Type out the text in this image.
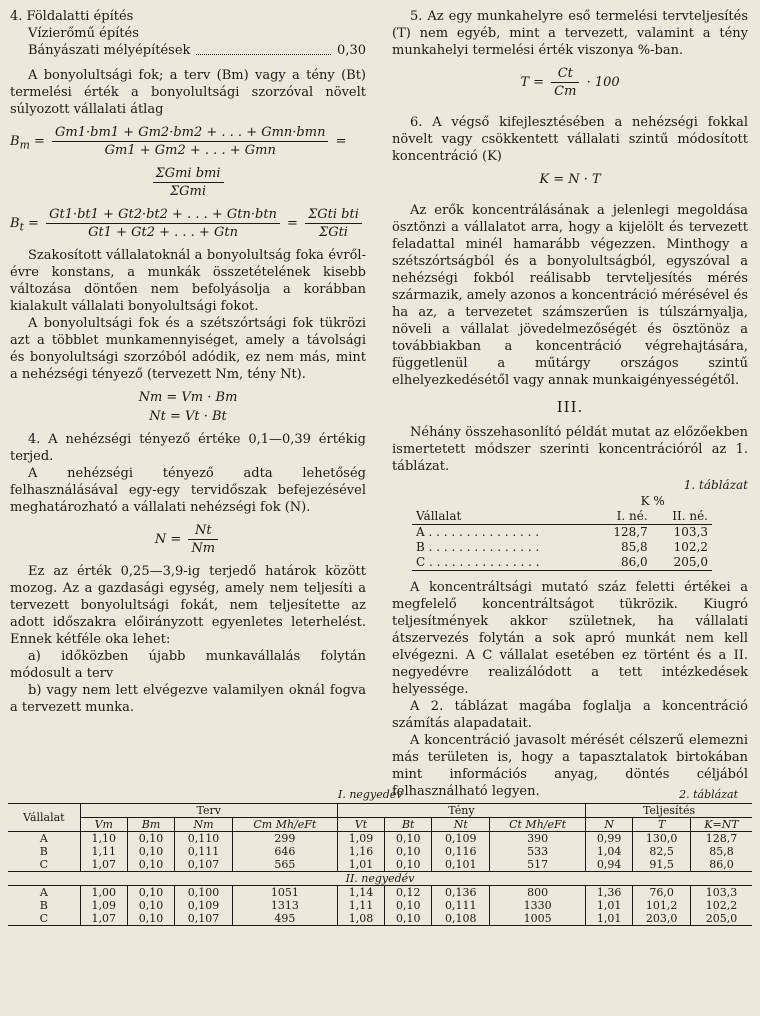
4. Földalatti építés
Vízierőmű építés
Bányászati mélyépítések	0,30

A bonyolultsági fok; a terv (Bm) vagy a tény (Bt) termelési érték a bonyolultsági szorzóval növelt súlyozott vállalati átlag

$B_m = \frac{\text{Gm1·bm1 + Gm2·bm2 + . . . + Gmn·bmn}}{\text{Gm1 + Gm2 + . . . + Gmn}}$ =
$\frac{\text{ΣGmi bmi}}{\text{ΣGmi}}$
$B_t = \frac{\text{Gt1·bt1 + Gt2·bt2 + . . . + Gtn·btn}}{\text{Gt1 + Gt2 + . . . + Gtn}} = \frac{\text{ΣGti bti}}{\text{ΣGti}}$

Szakosított vállalatoknál a bonyolultság foka évről-évre konstans, a munkák összetételének kisebb változása döntően nem befolyásolja a korábban kialakult vállalati bonyolultsági fokot.

A bonyolultsági fok és a szétszórtsági fok tükrözi azt a többlet munkamennyiséget, amely a távolsági és bonyolultsági szorzóból adódik, ez nem más, mint a nehézségi tényező (tervezett Nm, tény Nt).

Nm = Vm · Bm
Nt = Vt · Bt

4. A nehézségi tényező értéke 0,1—0,39 értékig terjed.

A nehézségi tényező adta lehetőség felhasználásával egy-egy tervidőszak befejezésével meghatározható a vállalati nehézségi fok (N).

$N = \frac{Nt}{Nm}$

Ez az érték 0,25—3,9-ig terjedő határok között mozog. Az a gazdasági egység, amely nem teljesíti a tervezett bonyolultsági fokát, nem teljesítette az adott időszakra előirányzott egyenletes leterhelést. Ennek kétféle oka lehet:

a) időközben újabb munkavállalás folytán módosult a terv

b) vagy nem lett elvégezve valamilyen oknál fogva a tervezett munka.

5. Az egy munkahelyre eső termelési tervteljesítés (T) nem egyéb, mint a tervezett, valamint a tény munkahelyi termelési érték viszonya %-ban.

$T = \frac{Ct}{Cm} \cdot 100$

6. A végső kifejlesztésében a nehézségi fokkal növelt vagy csökkentett vállalati szintű módosított koncentráció (K)

K = N · T

Az erők koncentrálásának a jelenlegi megoldása ösztönzi a vállalatot arra, hogy a kijelölt és tervezett feladattal minél hamarább végezzen. Minthogy a szétszórtságból és a bonyolultságból, egyszóval a nehézségi fokból reálisabb tervteljesítés mérés származik, amely azonos a koncentráció mérésével és ha az, a tervezetet számszerűen is túlszárnyalja, növeli a vállalat jövedelmezőségét és ösztönöz a továbbiakban a koncentráció végrehajtására, függetlenül a műtárgy országos szintű elhelyezkedésétől vagy annak munkaigényességétől.

III.

Néhány összehasonlító példát mutat az előzőekben ismertetett módszer szerinti koncentrációról az 1. táblázat.

1. táblázat
	K %	
Vállalat	I. né.	II. né.
A . . . . . . . . . . . . . . .	128,7	103,3
B . . . . . . . . . . . . . . .	85,8	102,2
C . . . . . . . . . . . . . . .	86,0	205,0

A koncentráltsági mutató száz feletti értékei a megfelelő koncentráltságot tükrözik. Kiugró teljesítmények akkor születnek, ha vállalati átszervezés folytán a sok apró munkát nem kell elvégezni. A C vállalat esetében ez történt és a II. negyedévre realizálódott a tett intézkedések helyessége.

A 2. táblázat magába foglalja a koncentráció számítás alapadatait.

A koncentráció javasolt mérését célszerű elemezni más területen is, hogy a tapasztalatok birtokában mint információs anyag, döntés céljából felhasználható legyen.

I. negyedév	2. táblázat
Vállalat	Terv				Tény				Teljesítés		
	Vm	Bm	Nm	Cm Mh/eFt	Vt	Bt	Nt	Ct Mh/eFt	N	T	K=NT
A	1,10	0,10	0,110	299	1,09	0,10	0,109	390	0,99	130,0	128,7
B	1,11	0,10	0,111	646	1,16	0,10	0,116	533	1,04	82,5	85,8
C	1,07	0,10	0,107	565	1,01	0,10	0,101	517	0,94	91,5	86,0
II. negyedév											
A	1,00	0,10	0,100	1051	1,14	0,12	0,136	800	1,36	76,0	103,3
B	1,09	0,10	0,109	1313	1,11	0,10	0,111	1330	1,01	101,2	102,2
C	1,07	0,10	0,107	495	1,08	0,10	0,108	1005	1,01	203,0	205,0
